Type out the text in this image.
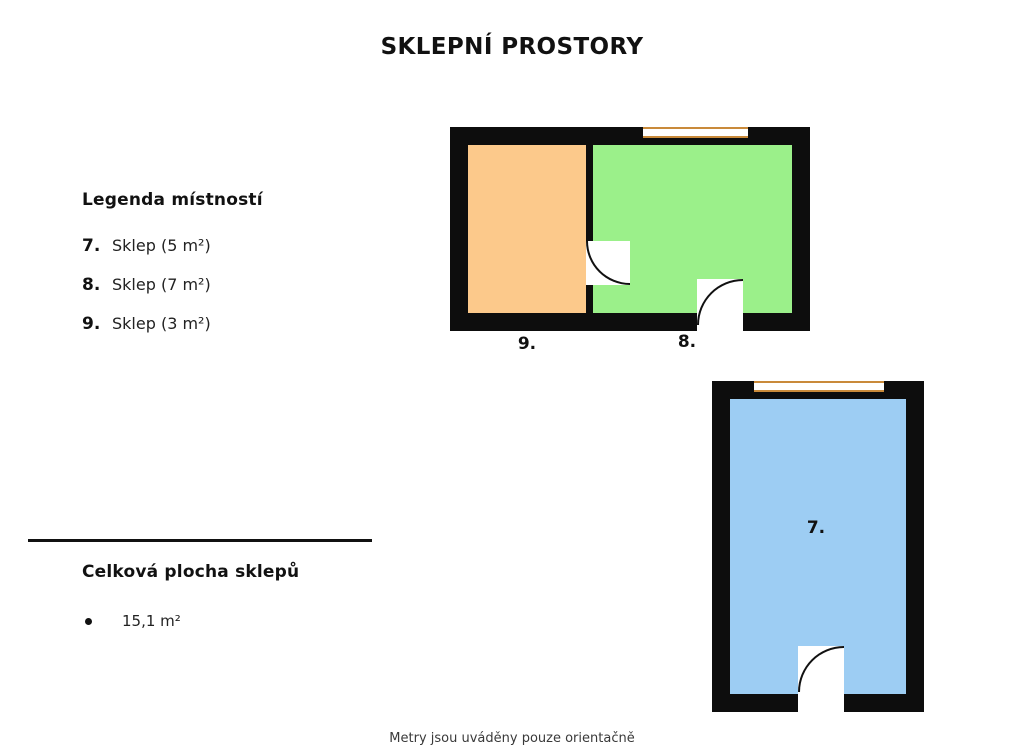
SKLEPNÍ PROSTORY
Legenda místností
7. Sklep (5 m²)
8. Sklep (7 m²)
9. Sklep (3 m²)
Celková plocha sklepů
15,1 m²
9.	8.
7.
Metry jsou uváděny pouze orientačně
